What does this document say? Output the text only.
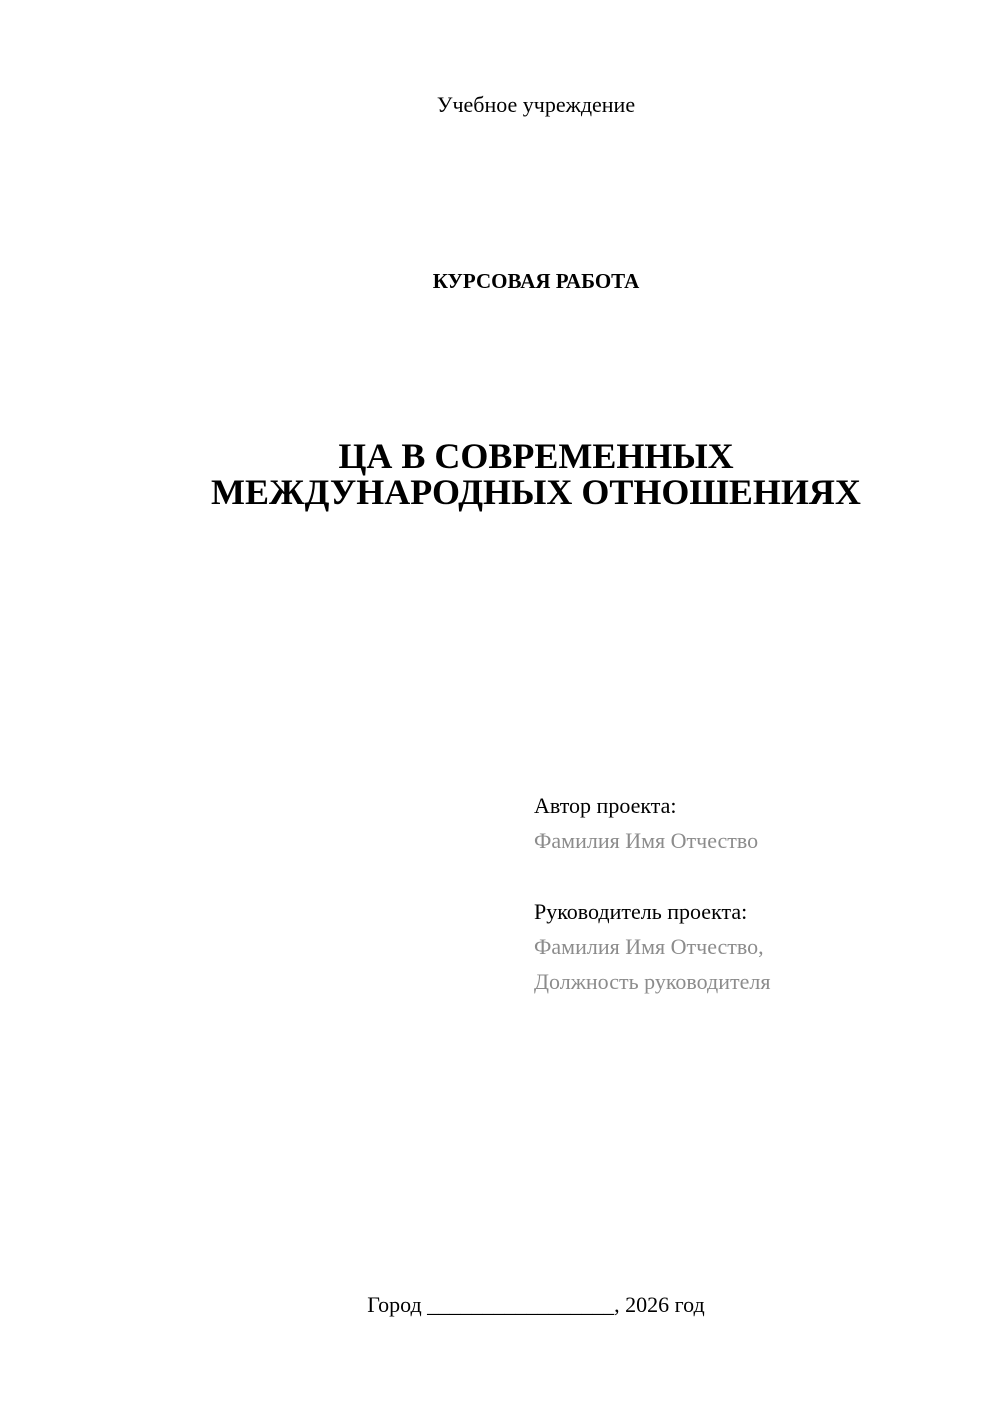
Учебное учреждение
КУРСОВАЯ РАБОТА
ЦА В СОВРЕМЕННЫХ
МЕЖДУНАРОДНЫХ ОТНОШЕНИЯХ
Автор проекта:
Фамилия Имя Отчество
Руководитель проекта:
Фамилия Имя Отчество,
Должность руководителя
Город _________________, 2026 год
